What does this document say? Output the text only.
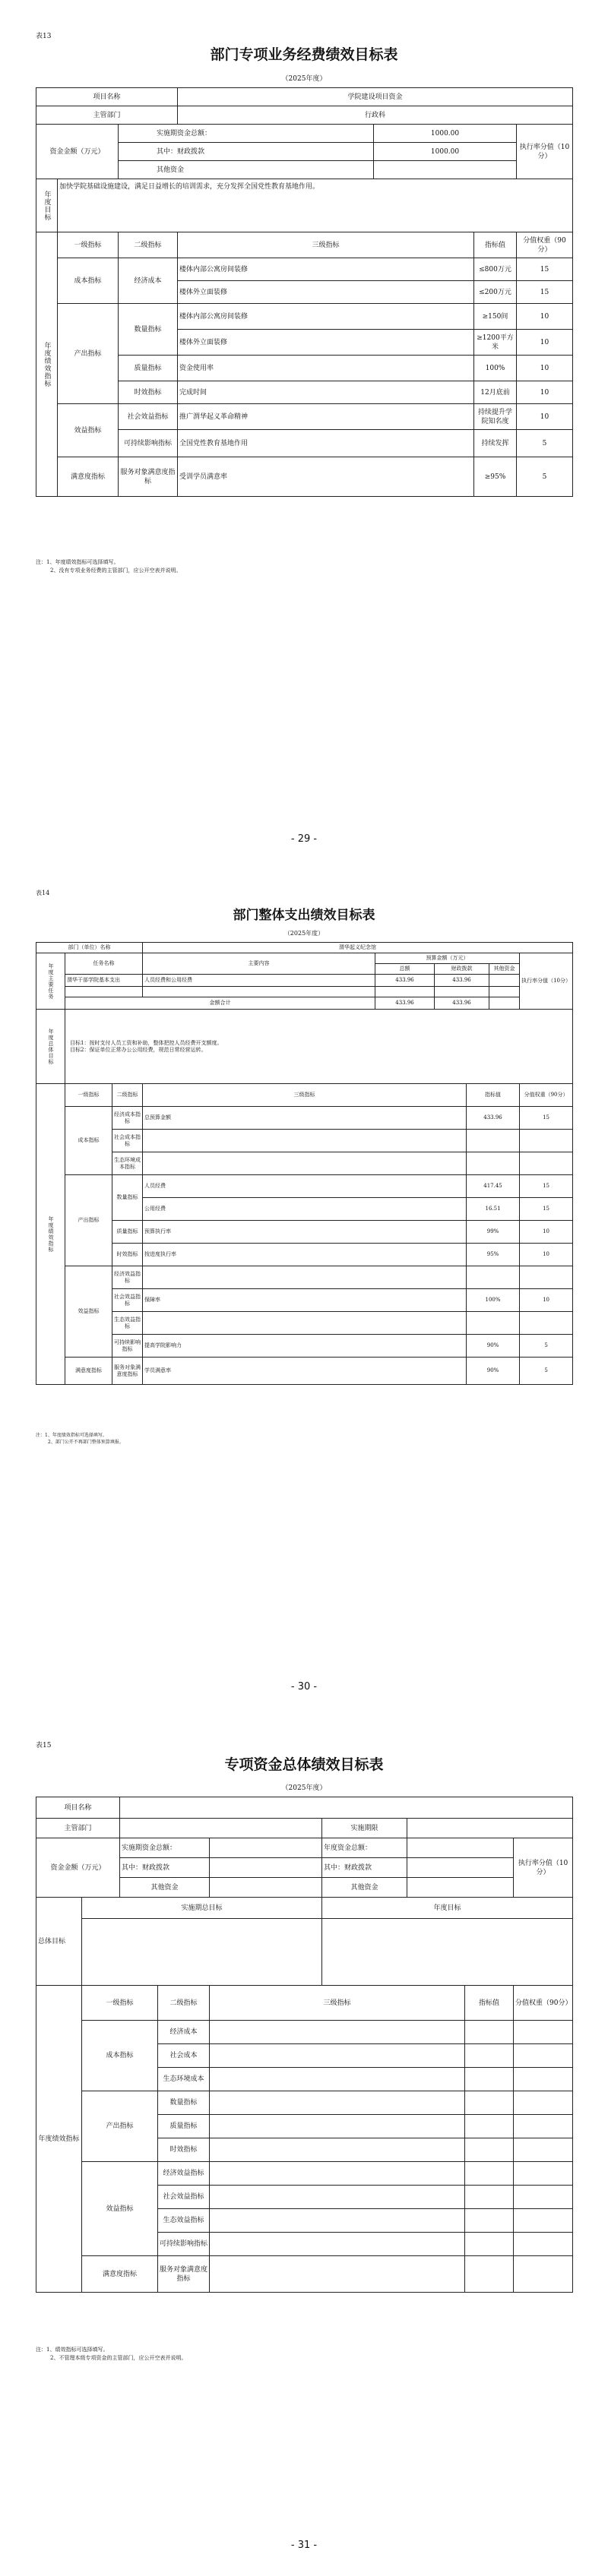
表13
部门专项业务经费绩效目标表
（2025年度）
项目名称			学院建设项目资金			
主管部门			行政科			
资金金额（万元）		实施期资金总额：		1000.00		执行率分值（10分）
		其中：财政拨款		1000.00		
		其他资金				
年度目标	加快学院基础设施建设，满足日益增长的培训需求，充分发挥全国党性教育基地作用。					
年度绩效指标	一级指标	二级指标	三级指标		指标值	分值权重（90分）
	成本指标	经济成本	楼体内部公寓房间装修		≤800万元	15
			楼体外立面装修		≤200万元	15
	产出指标	数量指标	楼体内部公寓房间装修		≥150间	10
			楼体外立面装修		≥1200平方米	10
		质量指标	资金使用率		100%	10
		时效指标	完成时间		12月底前	10
	效益指标	社会效益指标	推广渭华起义革命精神		持续提升学院知名度	10
		可持续影响指标	全国党性教育基地作用		持续发挥	5
	满意度指标	服务对象满意度指标	受训学员满意率		≥95%	5
注：1、年度绩效指标可选择填写。
2、没有专项业务经费的主管部门，应公开空表并说明。
- 29 -
表14
部门整体支出绩效目标表
（2025年度）
部门（单位）名称			渭华起义纪念馆					
年度主要任务	任务名称		主要内容	预算金额（万元）				执行率分值（10分）
				总额	财政拨款		其他资金	
	渭华干部学院基本支出		人员经费和公用经费	433.96	433.96			

	金额合计			433.96	433.96			
年度总体目标	目标1：按时支付人员工资和补助，整体把控人员经费开支额度。
目标2：保证单位正常办公公用经费，规范日常经营运转。							

年度绩效指标	一级指标	二级指标	三级指标			指标值		分值权重（90分）
	成本指标	经济成本指标	总预算金额			433.96		15
		社会成本指标						
		生态环境成本指标						
	产出指标	数量指标	人员经费			417.45		15
			公用经费			16.51		15
		质量指标	预算执行率			99%		10
		时效指标	按进度执行率			95%		10
	效益指标	经济效益指标						
		社会效益指标	保障率			100%		10
		生态效益指标						
		可持续影响指标	提高学院影响力			90%		5
	满意度指标	服务对象满意度指标	学员满意率			90%		5
注：1、年度绩效指标可选择填写。
2、部门公开不再部门整体预算填报。
- 30 -
表15
专项资金总体绩效目标表
（2025年度）
项目名称								
主管部门					实施期限			
资金金额（万元）		实施期资金总额：			年度资金总额：			执行率分值（10分）
		其中：财政拨款			其中：财政拨款			
		其他资金			其他资金			
总体目标	实施期总目标				年度目标			

年度绩效指标	一级指标		二级指标	三级指标			指标值	分值权重（90分）
	成本指标		经济成本					
			社会成本					
			生态环境成本					
	产出指标		数量指标					
			质量指标					
			时效指标					
	效益指标		经济效益指标					
			社会效益指标					
			生态效益指标					
			可持续影响指标					
	满意度指标		服务对象满意度指标					
注：1、绩效指标可选择填写。
2、不管理本级专项资金的主管部门，应公开空表并说明。
- 31 -
